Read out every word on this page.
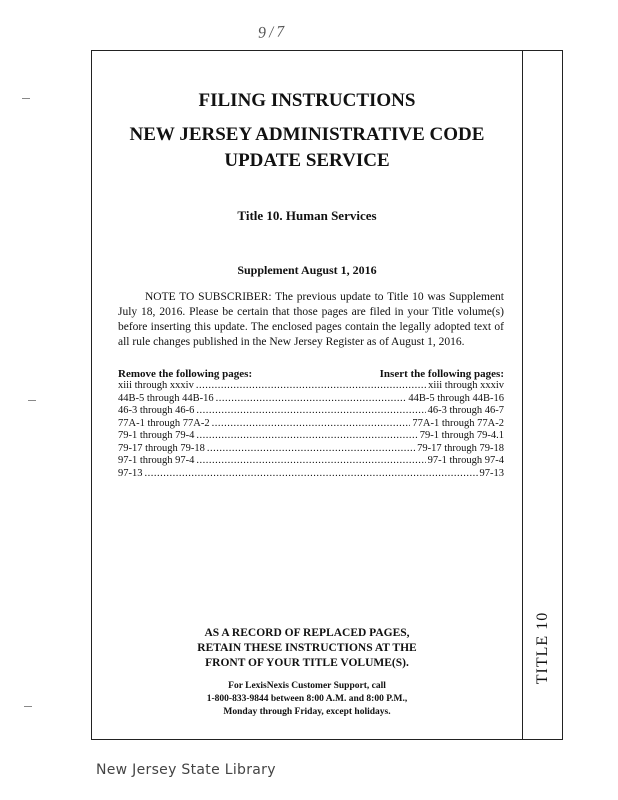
9/7
TITLE 10
FILING INSTRUCTIONS
NEW JERSEY ADMINISTRATIVE CODE
UPDATE SERVICE
Title 10. Human Services
Supplement August 1, 2016
NOTE TO SUBSCRIBER: The previous update to Title 10 was Supplement July 18, 2016. Please be certain that those pages are filed in your Title volume(s) before inserting this update. The enclosed pages contain the legally adopted text of all rule changes published in the New Jersey Register as of August 1, 2016.
Remove the following pages:	Insert the following pages:
xiii through xxxiv .....	xiii through xxxiv
44B-5 through 44B-16 .....	44B-5 through 44B-16
46-3 through 46-6 .....	46-3 through 46-7
77A-1 through 77A-2 .....	77A-1 through 77A-2
79-1 through 79-4 .....	79-1 through 79-4.1
79-17 through 79-18 .....	79-17 through 79-18
97-1 through 97-4 .....	97-1 through 97-4
97-13 .....	97-13
AS A RECORD OF REPLACED PAGES,
RETAIN THESE INSTRUCTIONS AT THE
FRONT OF YOUR TITLE VOLUME(S).
For LexisNexis Customer Support, call
1-800-833-9844 between 8:00 A.M. and 8:00 P.M.,
Monday through Friday, except holidays.
New Jersey State Library
